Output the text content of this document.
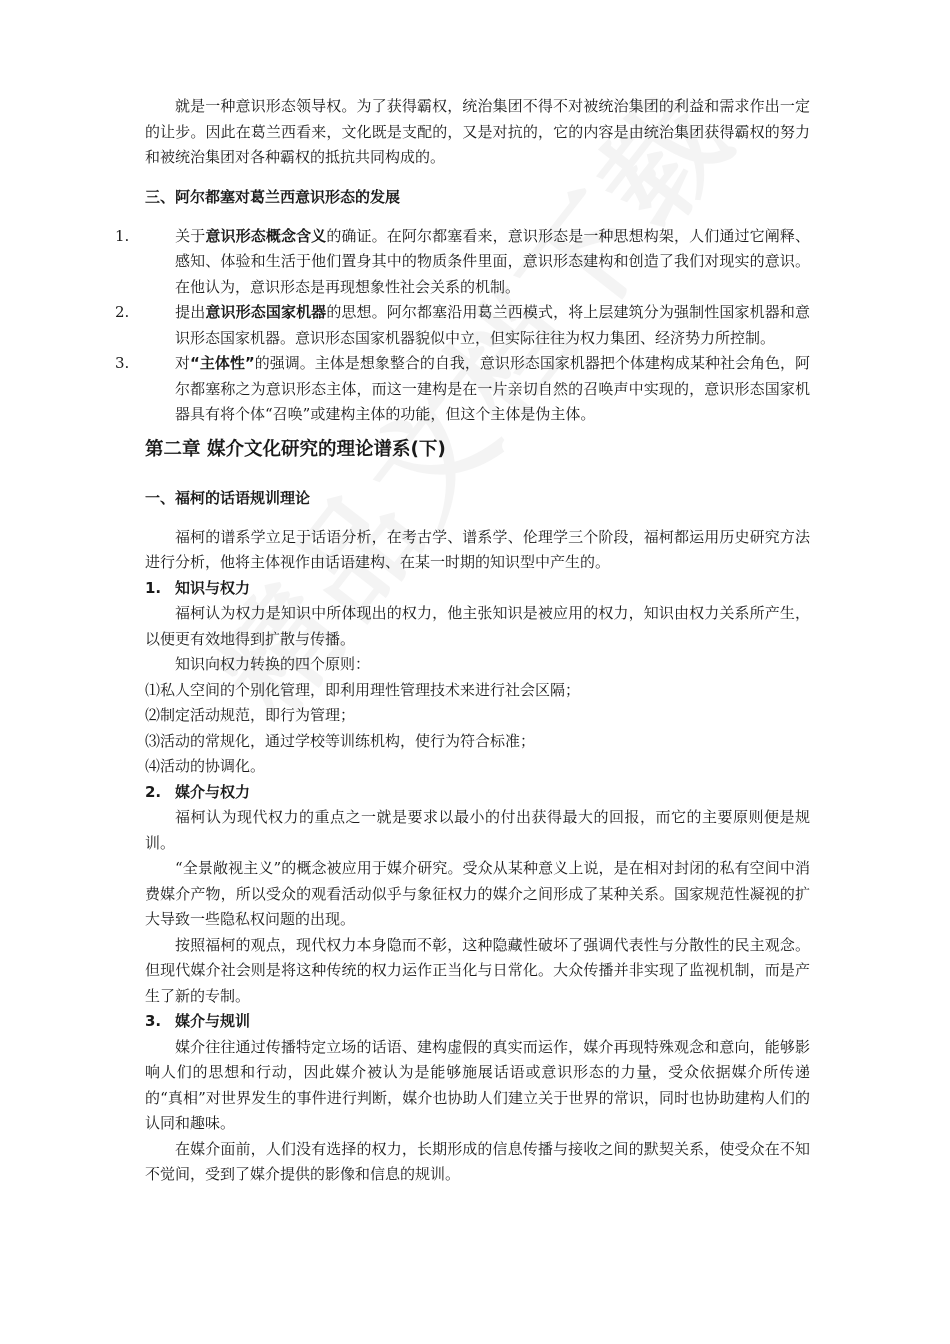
就是一种意识形态领导权。为了获得霸权，统治集团不得不对被统治集团的利益和需求作出一定的让步。因此在葛兰西看来，文化既是支配的，又是对抗的，它的内容是由统治集团获得霸权的努力和被统治集团对各种霸权的抵抗共同构成的。

三、阿尔都塞对葛兰西意识形态的发展

1.	关于意识形态概念含义的确证。在阿尔都塞看来，意识形态是一种思想构架，人们通过它阐释、感知、体验和生活于他们置身其中的物质条件里面，意识形态建构和创造了我们对现实的意识。在他认为，意识形态是再现想象性社会关系的机制。

2.	提出意识形态国家机器的思想。阿尔都塞沿用葛兰西模式，将上层建筑分为强制性国家机器和意识形态国家机器。意识形态国家机器貌似中立，但实际往往为权力集团、经济势力所控制。

3.	对“主体性”的强调。主体是想象整合的自我，意识形态国家机器把个体建构成某种社会角色，阿尔都塞称之为意识形态主体，而这一建构是在一片亲切自然的召唤声中实现的，意识形态国家机器具有将个体“召唤”或建构主体的功能，但这个主体是伪主体。

第二章 媒介文化研究的理论谱系(下)
一、福柯的话语规训理论

福柯的谱系学立足于话语分析，在考古学、谱系学、伦理学三个阶段，福柯都运用历史研究方法进行分析，他将主体视作由话语建构、在某一时期的知识型中产生的。

1. 知识与权力

福柯认为权力是知识中所体现出的权力，他主张知识是被应用的权力，知识由权力关系所产生，以便更有效地得到扩散与传播。

知识向权力转换的四个原则：

⑴私人空间的个别化管理，即利用理性管理技术来进行社会区隔；

⑵制定活动规范，即行为管理；

⑶活动的常规化，通过学校等训练机构，使行为符合标准；

⑷活动的协调化。

2. 媒介与权力

福柯认为现代权力的重点之一就是要求以最小的付出获得最大的回报，而它的主要原则便是规训。

“全景敞视主义”的概念被应用于媒介研究。受众从某种意义上说，是在相对封闭的私有空间中消费媒介产物，所以受众的观看活动似乎与象征权力的媒介之间形成了某种关系。国家规范性凝视的扩大导致一些隐私权问题的出现。

按照福柯的观点，现代权力本身隐而不彰，这种隐藏性破坏了强调代表性与分散性的民主观念。但现代媒介社会则是将这种传统的权力运作正当化与日常化。大众传播并非实现了监视机制，而是产生了新的专制。

3. 媒介与规训

媒介往往通过传播特定立场的话语、建构虚假的真实而运作，媒介再现特殊观念和意向，能够影响人们的思想和行动，因此媒介被认为是能够施展话语或意识形态的力量，受众依据媒介所传递的“真相”对世界发生的事件进行判断，媒介也协助人们建立关于世界的常识，同时也协助建构人们的认同和趣味。

在媒介面前，人们没有选择的权力，长期形成的信息传播与接收之间的默契关系，使受众在不知不觉间，受到了媒介提供的影像和信息的规训。
